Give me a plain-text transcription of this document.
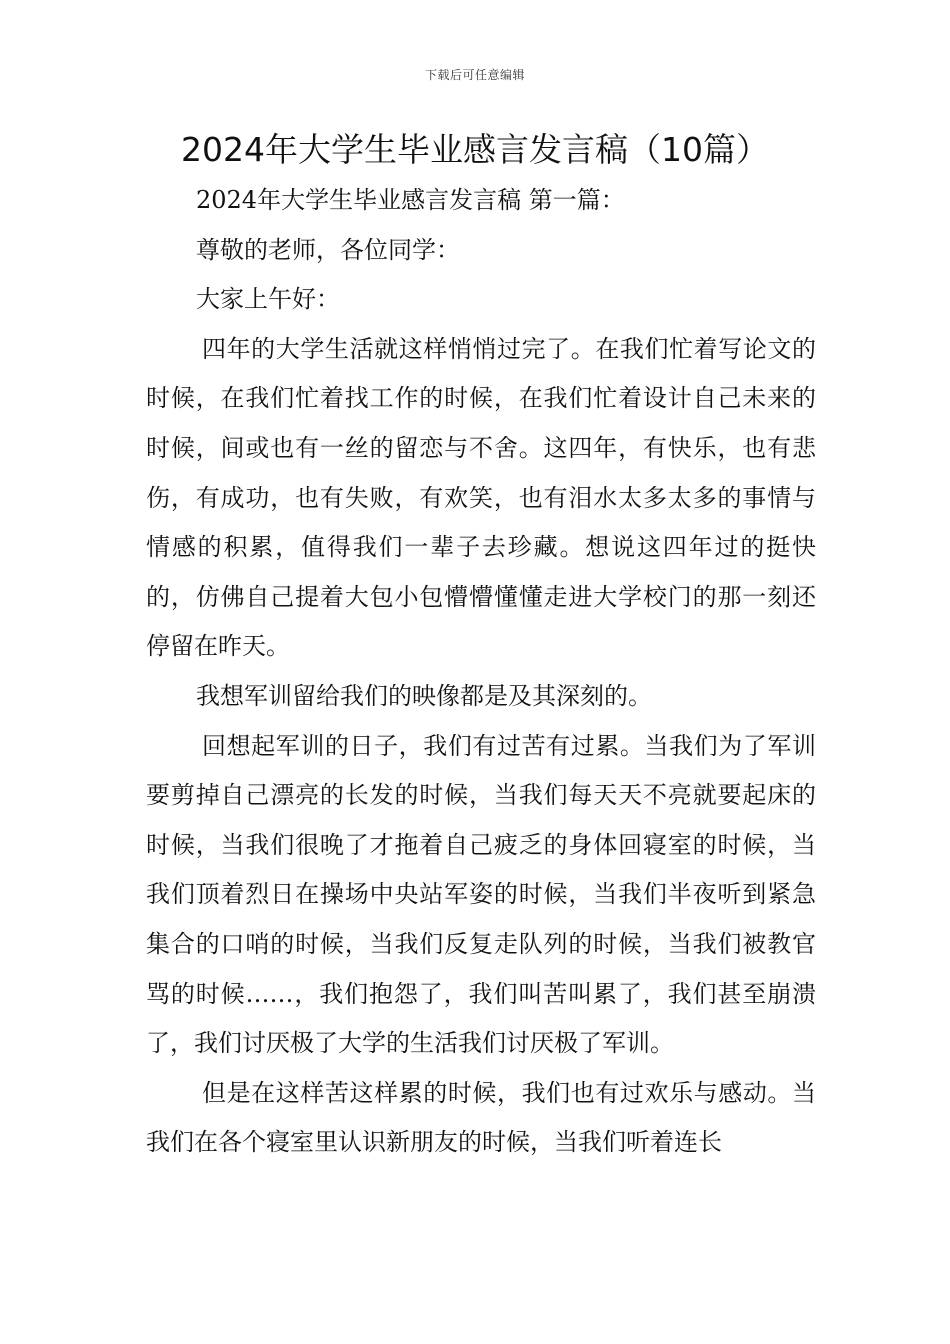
下载后可任意编辑
2024年大学生毕业感言发言稿（10篇）

2024年大学生毕业感言发言稿 第一篇：

尊敬的老师，各位同学：

大家上午好：

四年的大学生活就这样悄悄过完了。在我们忙着写论文的时候，在我们忙着找工作的时候，在我们忙着设计自己未来的时候，间或也有一丝的留恋与不舍。这四年，有快乐，也有悲伤，有成功，也有失败，有欢笑，也有泪水太多太多的事情与情感的积累，值得我们一辈子去珍藏。想说这四年过的挺快的，仿佛自己提着大包小包懵懵懂懂走进大学校门的那一刻还停留在昨天。

我想军训留给我们的映像都是及其深刻的。

回想起军训的日子，我们有过苦有过累。当我们为了军训要剪掉自己漂亮的长发的时候，当我们每天天不亮就要起床的时候，当我们很晚了才拖着自己疲乏的身体回寝室的时候，当我们顶着烈日在操场中央站军姿的时候，当我们半夜听到紧急集合的口哨的时候，当我们反复走队列的时候，当我们被教官骂的时候……，我们抱怨了，我们叫苦叫累了，我们甚至崩溃了，我们讨厌极了大学的生活我们讨厌极了军训。

但是在这样苦这样累的时候，我们也有过欢乐与感动。当我们在各个寝室里认识新朋友的时候，当我们听着连长
